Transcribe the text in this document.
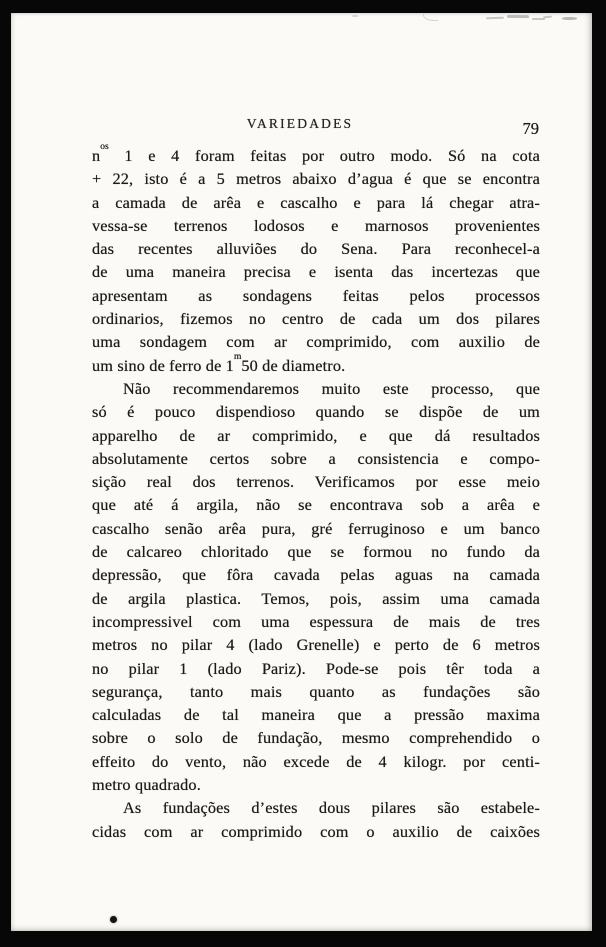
VARIEDADES	79
$n^{os}$ 1 e 4 foram feitas por outro modo. Só na cota
+ 22, isto é a 5 metros abaixo d’agua é que se encontra
a camada de arêa e cascalho e para lá chegar atra-
vessa-se terrenos lodosos e marnosos provenientes
das recentes alluviões do Sena. Para reconhecel-a
de uma maneira precisa e isenta das incertezas que
apresentam as sondagens feitas pelos processos
ordinarios, fizemos no centro de cada um dos pilares
uma sondagem com ar comprimido, com auxilio de
um sino de ferro de 1$^m$50 de diametro.
Não recommendaremos muito este processo, que
só é pouco dispendioso quando se dispõe de um
apparelho de ar comprimido, e que dá resultados
absolutamente certos sobre a consistencia e compo-
sição real dos terrenos. Verificamos por esse meio
que até á argila, não se encontrava sob a arêa e
cascalho senão arêa pura, gré ferruginoso e um banco
de calcareo chloritado que se formou no fundo da
depressão, que fôra cavada pelas aguas na camada
de argila plastica. Temos, pois, assim uma camada
incompressivel com uma espessura de mais de tres
metros no pilar 4 (lado Grenelle) e perto de 6 metros
no pilar 1 (lado Pariz). Pode-se pois têr toda a
segurança, tanto mais quanto as fundações são
calculadas de tal maneira que a pressão maxima
sobre o solo de fundação, mesmo comprehendido o
effeito do vento, não excede de 4 kilogr. por centi-
metro quadrado.
As fundações d’estes dous pilares são estabele-
cidas com ar comprimido com o auxilio de caixões
